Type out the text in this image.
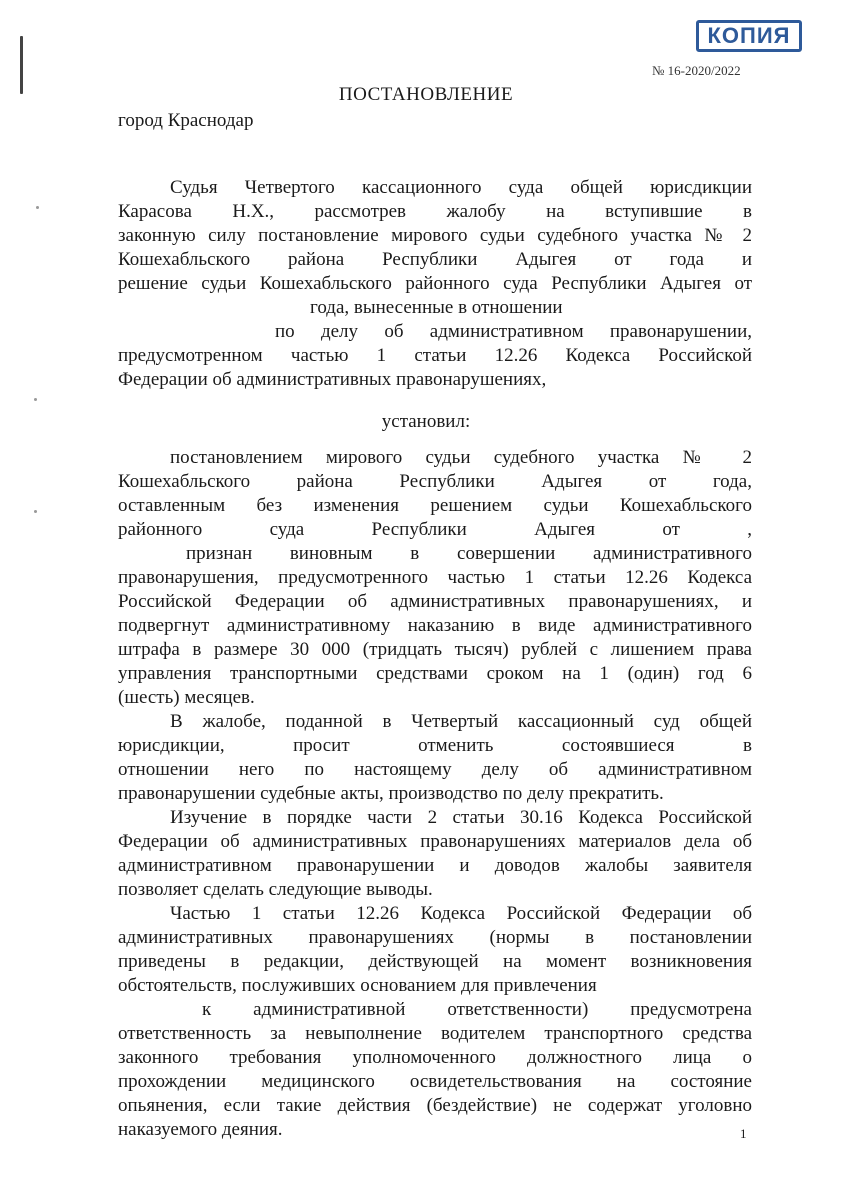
КОПИЯ
№ 16-2020/2022
ПОСТАНОВЛЕНИЕ
город Краснодар
Судья Четвертого кассационного суда общей юрисдикции
Карасова Н.Х., рассмотрев жалобу на вступившие в
законную силу постановление мирового судьи судебного участка № 2
Кошехабльского района Республики Адыгея от года и
решение судьи Кошехабльского районного суда Республики Адыгея от
года, вынесенные в отношении
по делу об административном правонарушении,
предусмотренном частью 1 статьи 12.26 Кодекса Российской
Федерации об административных правонарушениях,
установил:
постановлением мирового судьи судебного участка № 2
Кошехабльского района Республики Адыгея от года,
оставленным без изменения решением судьи Кошехабльского
районного суда Республики Адыгея от ,
признан виновным в совершении административного
правонарушения, предусмотренного частью 1 статьи 12.26 Кодекса
Российской Федерации об административных правонарушениях, и
подвергнут административному наказанию в виде административного
штрафа в размере 30 000 (тридцать тысяч) рублей с лишением права
управления транспортными средствами сроком на 1 (один) год 6
(шесть) месяцев.
В жалобе, поданной в Четвертый кассационный суд общей
юрисдикции, просит отменить состоявшиеся в
отношении него по настоящему делу об административном
правонарушении судебные акты, производство по делу прекратить.
Изучение в порядке части 2 статьи 30.16 Кодекса Российской
Федерации об административных правонарушениях материалов дела об
административном правонарушении и доводов жалобы заявителя
позволяет сделать следующие выводы.
Частью 1 статьи 12.26 Кодекса Российской Федерации об
административных правонарушениях (нормы в постановлении
приведены в редакции, действующей на момент возникновения
обстоятельств, послуживших основанием для привлечения
к административной ответственности) предусмотрена
ответственность за невыполнение водителем транспортного средства
законного требования уполномоченного должностного лица о
прохождении медицинского освидетельствования на состояние
опьянения, если такие действия (бездействие) не содержат уголовно
наказуемого деяния.	1
